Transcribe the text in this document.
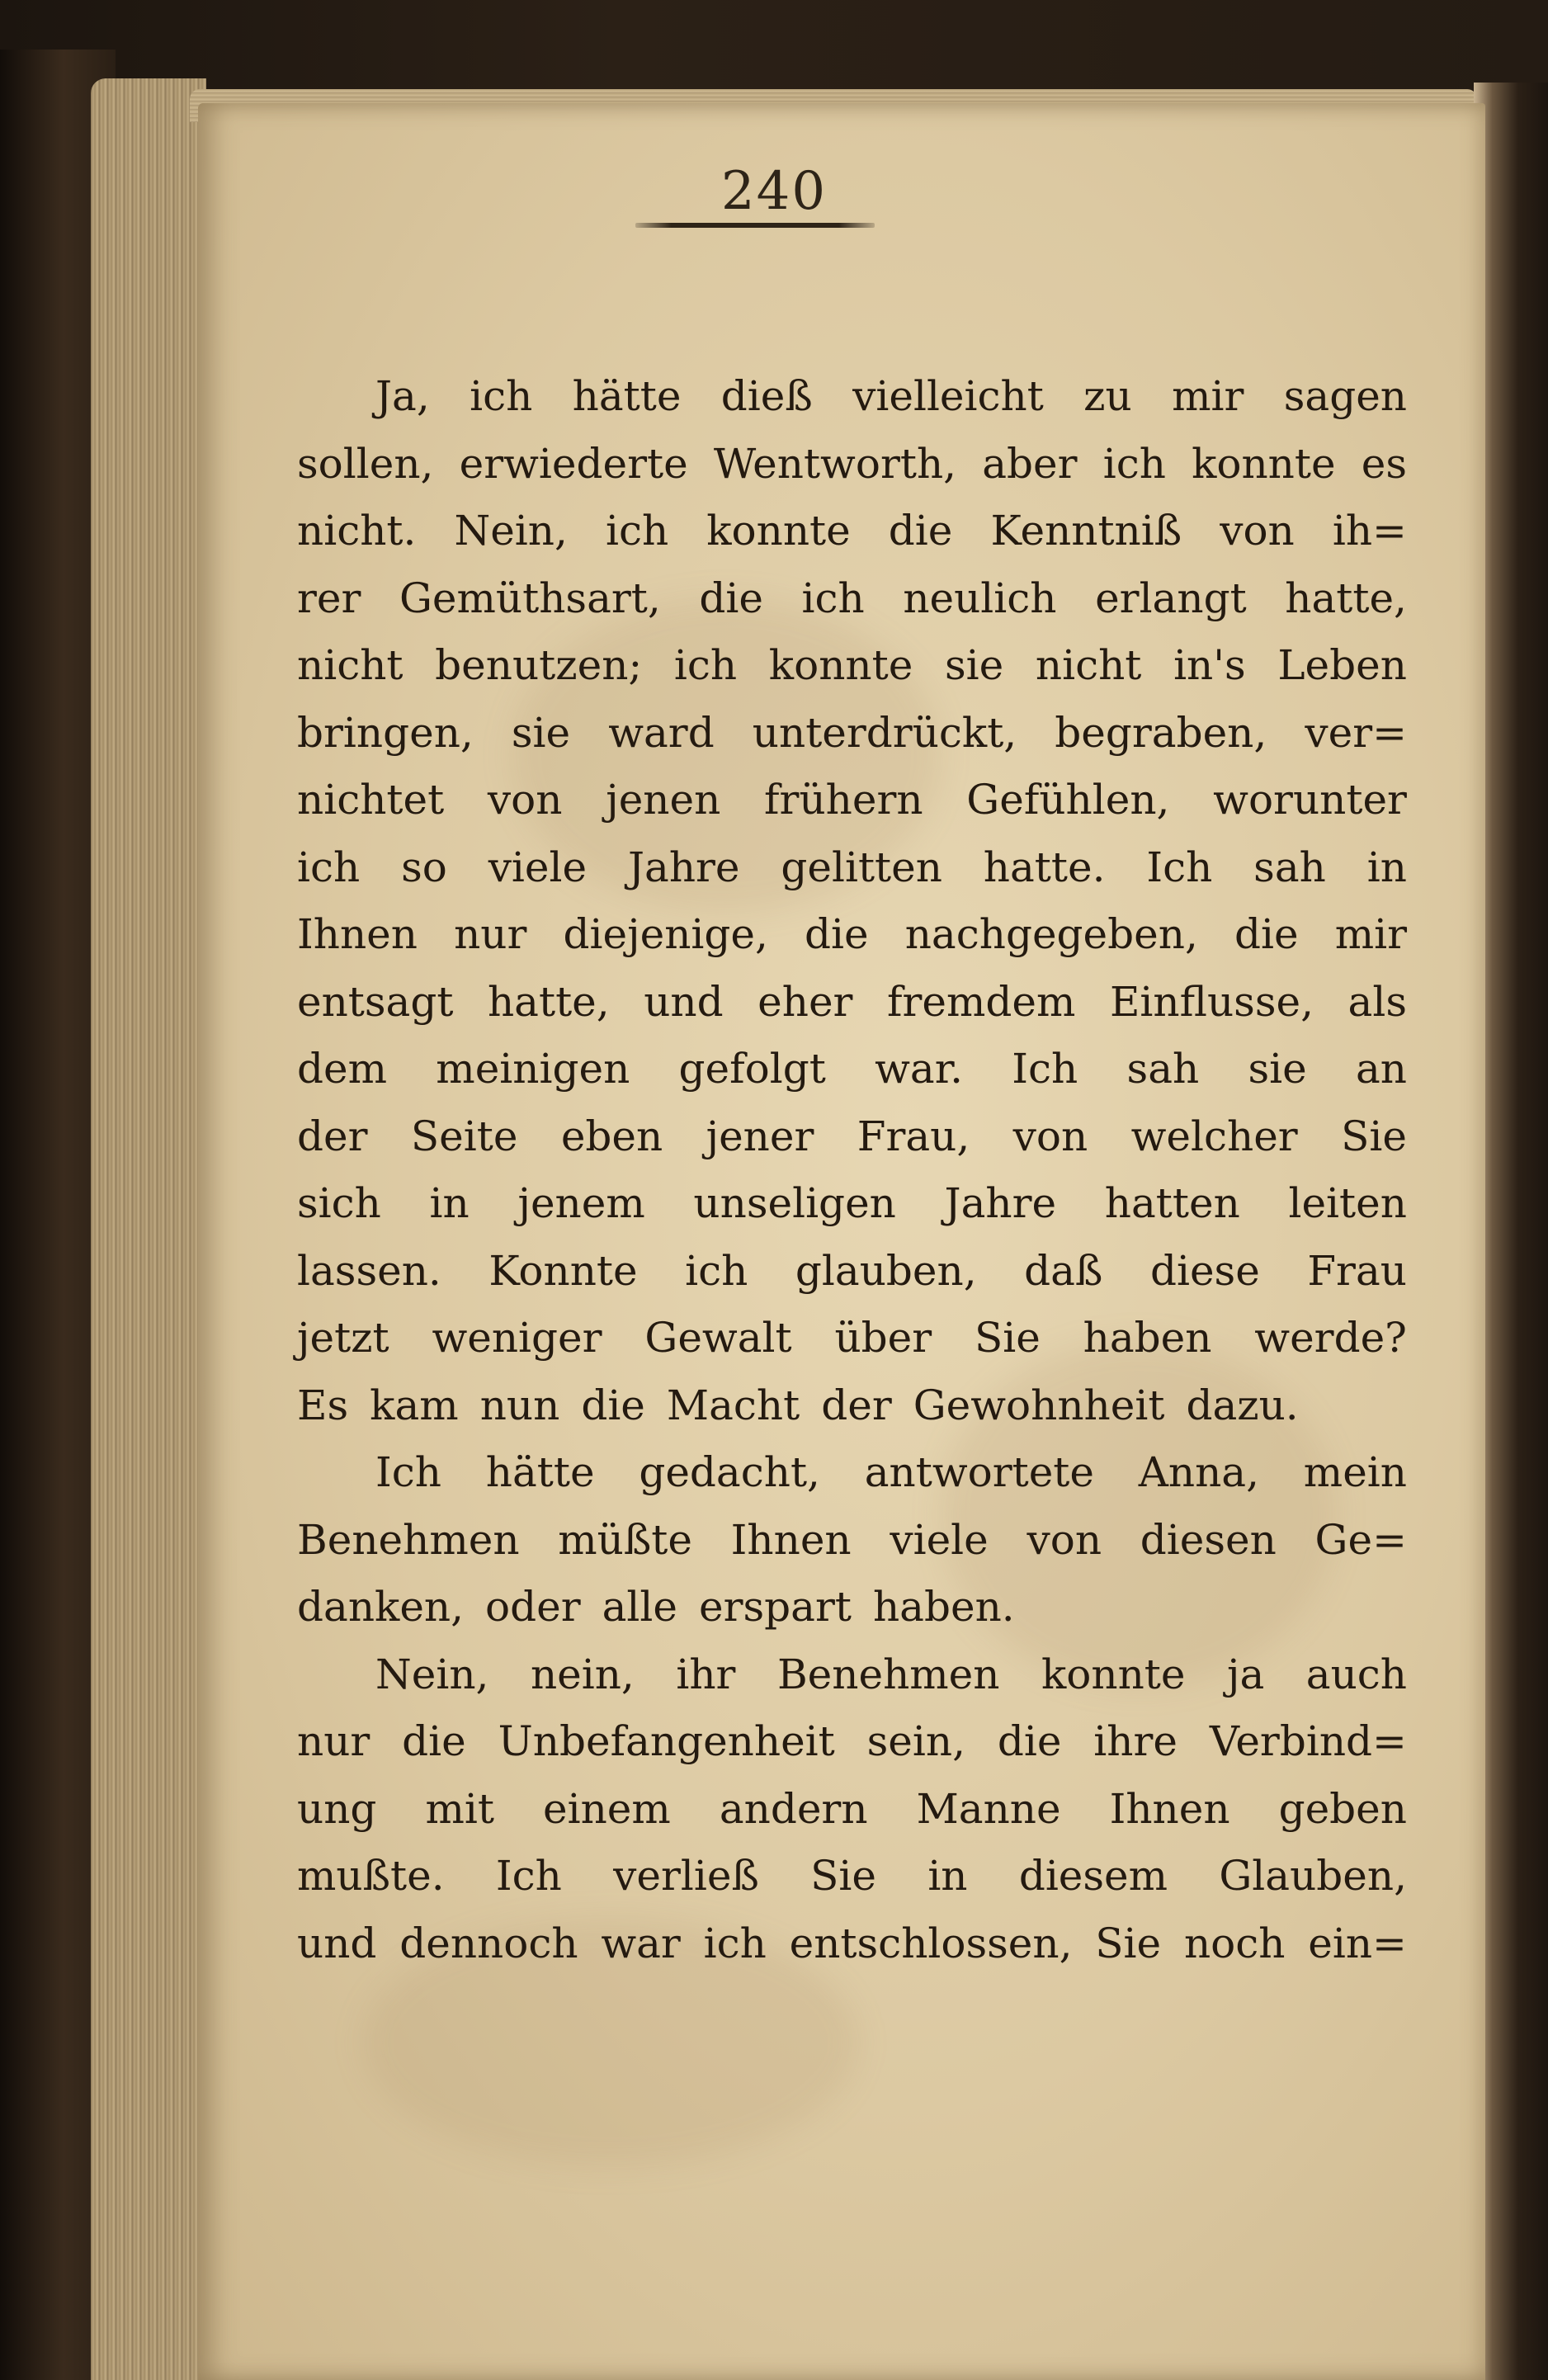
240
Ja, ich hätte dieß vielleicht zu mir sagen
sollen, erwiederte Wentworth, aber ich konnte es
nicht. Nein, ich konnte die Kenntniß von ih=
rer Gemüthsart, die ich neulich erlangt hatte,
nicht benutzen; ich konnte sie nicht in's Leben
bringen, sie ward unterdrückt, begraben, ver=
nichtet von jenen frühern Gefühlen, worunter
ich so viele Jahre gelitten hatte. Ich sah in
Ihnen nur diejenige, die nachgegeben, die mir
entsagt hatte, und eher fremdem Einflusse, als
dem meinigen gefolgt war. Ich sah sie an
der Seite eben jener Frau, von welcher Sie
sich in jenem unseligen Jahre hatten leiten
lassen. Konnte ich glauben, daß diese Frau
jetzt weniger Gewalt über Sie haben werde?
Es kam nun die Macht der Gewohnheit dazu.
Ich hätte gedacht, antwortete Anna, mein
Benehmen müßte Ihnen viele von diesen Ge=
danken, oder alle erspart haben.
Nein, nein, ihr Benehmen konnte ja auch
nur die Unbefangenheit sein, die ihre Verbind=
ung mit einem andern Manne Ihnen geben
mußte. Ich verließ Sie in diesem Glauben,
und dennoch war ich entschlossen, Sie noch ein=
